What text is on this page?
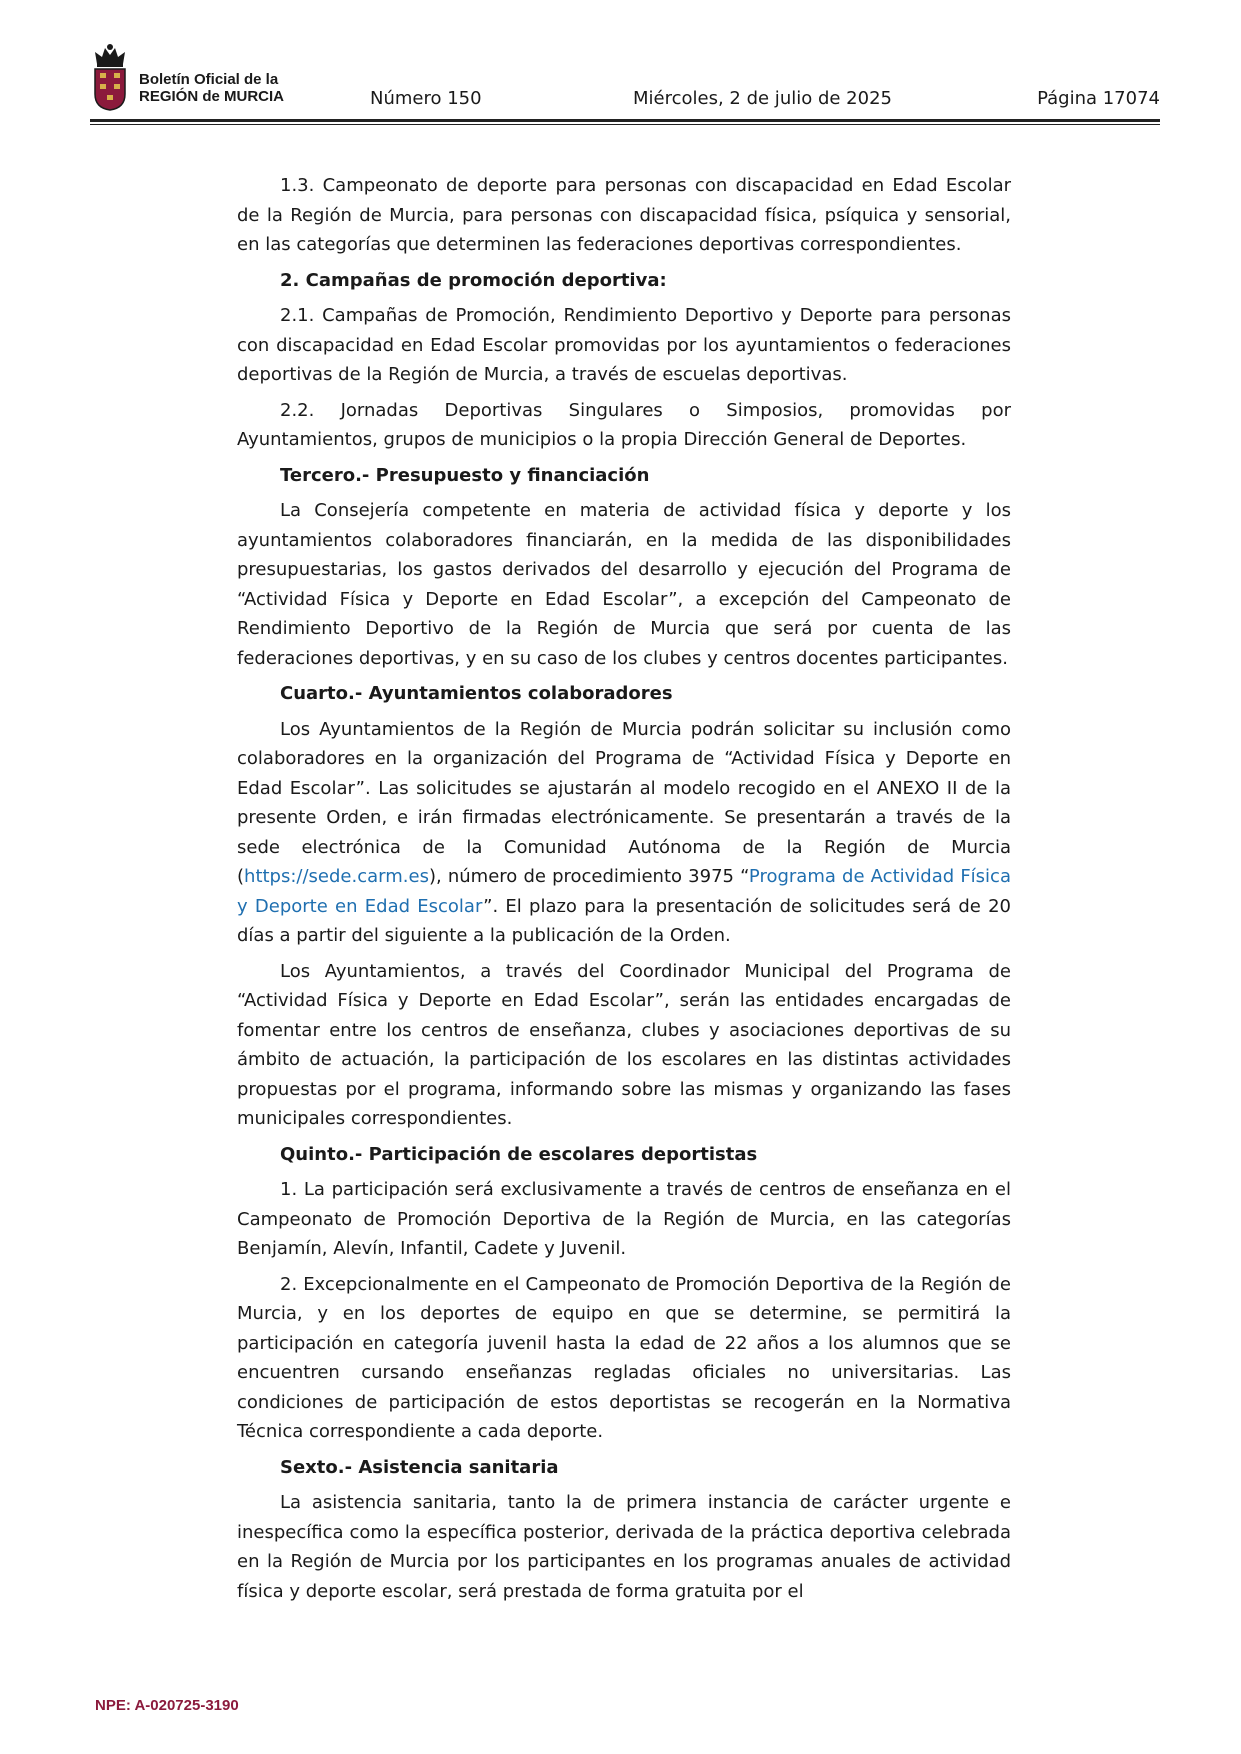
Boletín Oficial de la
REGIÓN de MURCIA	Número 150	Miércoles, 2 de julio de 2025	Página 17074

1.3. Campeonato de deporte para personas con discapacidad en Edad Escolar de la Región de Murcia, para personas con discapacidad física, psíquica y sensorial, en las categorías que determinen las federaciones deportivas correspondientes.

2. Campañas de promoción deportiva:

2.1. Campañas de Promoción, Rendimiento Deportivo y Deporte para personas con discapacidad en Edad Escolar promovidas por los ayuntamientos o federaciones deportivas de la Región de Murcia, a través de escuelas deportivas.

2.2. Jornadas Deportivas Singulares o Simposios, promovidas por Ayuntamientos, grupos de municipios o la propia Dirección General de Deportes.

Tercero.- Presupuesto y financiación

La Consejería competente en materia de actividad física y deporte y los ayuntamientos colaboradores financiarán, en la medida de las disponibilidades presupuestarias, los gastos derivados del desarrollo y ejecución del Programa de “Actividad Física y Deporte en Edad Escolar”, a excepción del Campeonato de Rendimiento Deportivo de la Región de Murcia que será por cuenta de las federaciones deportivas, y en su caso de los clubes y centros docentes participantes.

Cuarto.- Ayuntamientos colaboradores

Los Ayuntamientos de la Región de Murcia podrán solicitar su inclusión como colaboradores en la organización del Programa de “Actividad Física y Deporte en Edad Escolar”. Las solicitudes se ajustarán al modelo recogido en el ANEXO II de la presente Orden, e irán firmadas electrónicamente. Se presentarán a través de la sede electrónica de la Comunidad Autónoma de la Región de Murcia (https://sede.carm.es), número de procedimiento 3975 “Programa de Actividad Física y Deporte en Edad Escolar”. El plazo para la presentación de solicitudes será de 20 días a partir del siguiente a la publicación de la Orden.

Los Ayuntamientos, a través del Coordinador Municipal del Programa de “Actividad Física y Deporte en Edad Escolar”, serán las entidades encargadas de fomentar entre los centros de enseñanza, clubes y asociaciones deportivas de su ámbito de actuación, la participación de los escolares en las distintas actividades propuestas por el programa, informando sobre las mismas y organizando las fases municipales correspondientes.

Quinto.- Participación de escolares deportistas

1. La participación será exclusivamente a través de centros de enseñanza en el Campeonato de Promoción Deportiva de la Región de Murcia, en las categorías Benjamín, Alevín, Infantil, Cadete y Juvenil.

2. Excepcionalmente en el Campeonato de Promoción Deportiva de la Región de Murcia, y en los deportes de equipo en que se determine, se permitirá la participación en categoría juvenil hasta la edad de 22 años a los alumnos que se encuentren cursando enseñanzas regladas oficiales no universitarias. Las condiciones de participación de estos deportistas se recogerán en la Normativa Técnica correspondiente a cada deporte.

Sexto.- Asistencia sanitaria

La asistencia sanitaria, tanto la de primera instancia de carácter urgente e inespecífica como la específica posterior, derivada de la práctica deportiva celebrada en la Región de Murcia por los participantes en los programas anuales de actividad física y deporte escolar, será prestada de forma gratuita por el

NPE: A-020725-3190
